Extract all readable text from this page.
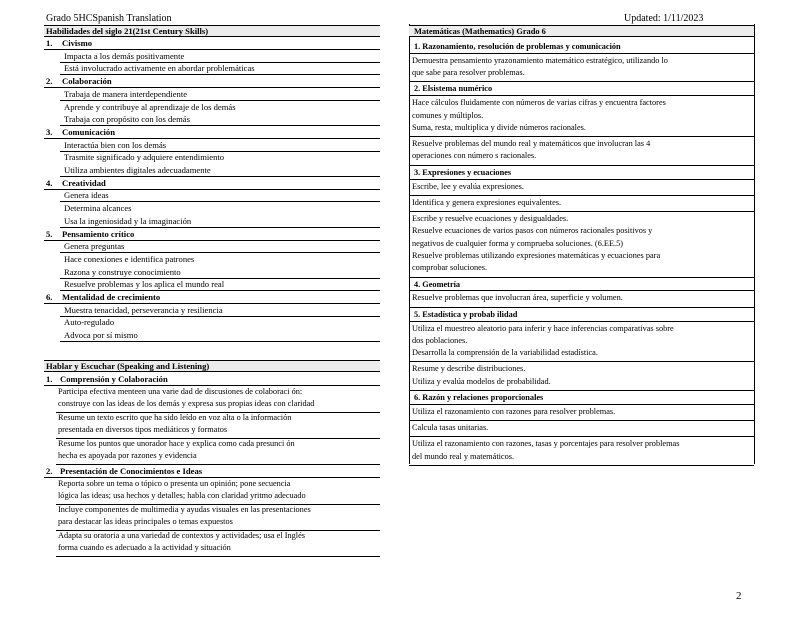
Grado 5HCSpanish Translation	Updated: 1/11/2023
Habilidades del siglo 21(21st Century Skills)
1. Civismo
Impacta a los demás positivamente
Está involucrado activamente en abordar problemáticas
2. Colaboración
Trabaja de manera interdependiente
Aprende y contribuye al aprendizaje de los demás
Trabaja con propósito con los demás
3. Comunicación
Interactúa bien con los demás
Trasmite significado y adquiere entendimiento
Utiliza ambientes digitales adecuadamente
4. Creatividad
Genera ideas
Determina alcances
Usa la ingeniosidad y la imaginación
5. Pensamiento crítico
Genera preguntas
Hace conexiones e identifica patrones
Razona y construye conocimiento
Resuelve problemas y los aplica el mundo real
6. Mentalidad de crecimiento
Muestra tenacidad, perseverancia y resiliencia
Auto-regulado
Advoca por sí mismo
Hablar y Escuchar (Speaking and Listening)
1. Comprensión y Colaboración
Participa efectiva menteen una varie dad de discusiones de colaboraci ón:
construye con las ideas de los demás y expresa sus propias ideas con claridad
Resume un texto escrito que ha sido leído en voz alta o la información
presentada en diversos tipos mediáticos y formatos
Resume los puntos que unorador hace y explica como cada presunci ón
hecha es apoyada por razones y evidencia
2. Presentación de Conocimientos e Ideas
Reporta sobre un tema o tópico o presenta un opinión; pone secuencia
lógica las ideas; usa hechos y detalles; habla con claridad yritmo adecuado
Incluye componentes de multimedia y ayudas visuales en las presentaciones
para destacar las ideas principales o temas expuestos
Adapta su oratoria a una variedad de contextos y actividades; usa el Inglés
forma cuando es adecuado a la actividad y situación
Matemáticas (Mathematics) Grado 6
1. Razonamiento, resolución de problemas y comunicación
Demuestra pensamiento yrazonamiento matemático estratégico, utilizando lo
que sabe para resolver problemas.
2. Elsistema numérico
Hace cálculos fluidamente con números de varias cifras y encuentra factores
comunes y múltiplos.
Suma, resta, multiplica y divide números racionales.
Resuelve problemas del mundo real y matemáticos que involucran las 4
operaciones con número s racionales.
3. Expresiones y ecuaciones
Escribe, lee y evalúa expresiones.
Identifica y genera expresiones equivalentes.
Escribe y resuelve ecuaciones y desigualdades.
Resuelve ecuaciones de varios pasos con números racionales positivos y
negativos de cualquier forma y comprueba soluciones. (6.EE.5)
Resuelve problemas utilizando expresiones matemáticas y ecuaciones para
comprobar soluciones.
4. Geometría
Resuelve problemas que involucran área, superficie y volumen.
5. Estadística y probab ilidad
Utiliza el muestreo aleatorio para inferir y hace inferencias comparativas sobre
dos poblaciones.
Desarrolla la comprensión de la variabilidad estadística.
Resume y describe distribuciones.
Utiliza y evalúa modelos de probabilidad.
6. Razón y relaciones proporcionales
Utiliza el razonamiento con razones para resolver problemas.
Calcula tasas unitarias.
Utiliza el razonamiento con razones, tasas y porcentajes para resolver problemas
del mundo real y matemáticos.
2
